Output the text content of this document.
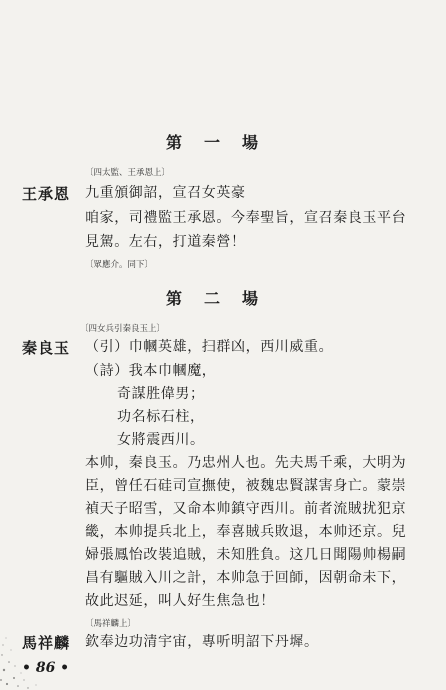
第一場
〔四太監、王承恩上〕
王承恩 九重頒御詔，宣召女英豪
咱家，司禮監王承恩。今奉聖旨，宣召秦良玉平台
見駕。左右，打道秦營！
〔眾應介。同下〕
第二場
〔四女兵引秦良玉上〕
秦良玉 （引）巾幗英雄，扫群凶，西川威重。
（詩）我本巾幗魔，
奇謀胜偉男；
功名标石柱，
女將震西川。
本帅，秦良玉。乃忠州人也。先夫馬千乘，大明为
臣，曾任石硅司宣撫使，被魏忠賢謀害身亡。蒙崇
禎天子昭雪，又命本帅鎮守西川。前者流賊扰犯京
畿，本帅提兵北上，奉喜賊兵敗退，本帅还京。兒
婦張鳳怡改裝追賊，未知胜負。这几日聞陽帅楊嗣
昌有驅賊入川之計，本帅急于回師，因朝命未下，
故此迟延，叫人好生焦急也！
〔馬祥麟上〕
馬祥麟 欽奉边功清宇宙，專听明詔下丹墀。
• 86 •
